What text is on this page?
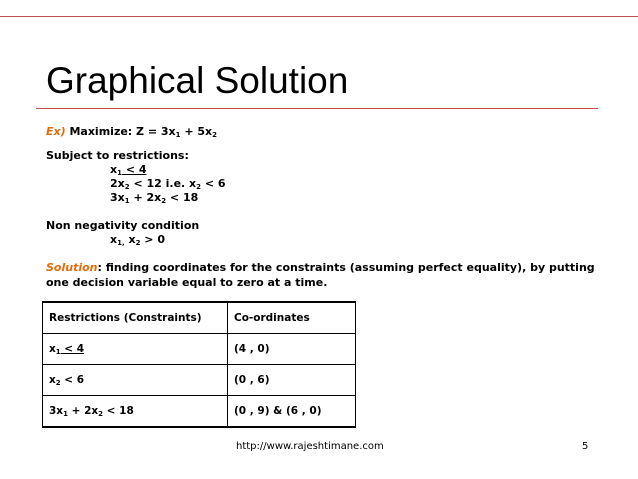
Graphical Solution
Ex) Maximize: $Z = 3x_1 + 5x_2$
Subject to restrictions:
$x_1 < 4$
$2x_2 < 12$ i.e. $x_2 < 6$
$3x_1 + 2x_2 < 18$
Non negativity condition
$x_{1,}$ $x_2 > 0$
Solution: finding coordinates for the constraints (assuming perfect equality), by putting
one decision variable equal to zero at a time.
Restrictions (Constraints)	Co-ordinates
$x_1 < 4$	(4 , 0)
$x_2 < 6$	(0 , 6)
$3x_1 + 2x_2 < 18$	(0 , 9) & (6 , 0)
http://www.rajeshtimane.com	5
